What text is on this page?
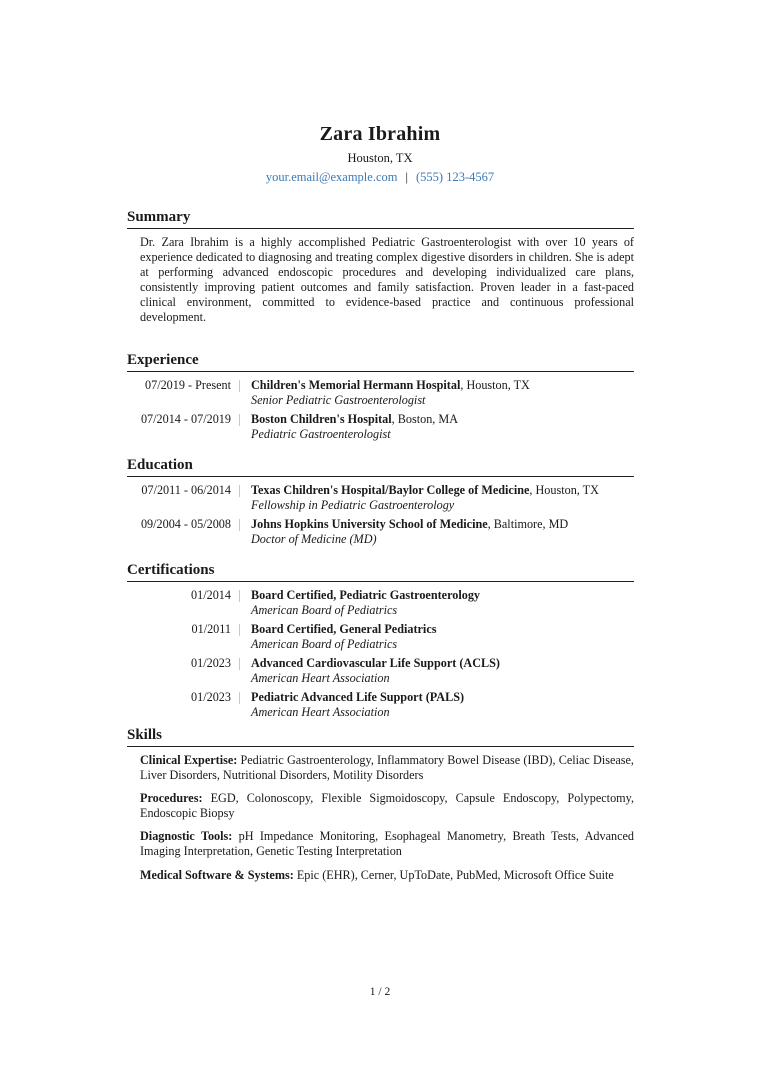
Zara Ibrahim
Houston, TX
your.email@example.com | (555) 123-4567
Summary
Dr. Zara Ibrahim is a highly accomplished Pediatric Gastroenterologist with over 10 years of experience dedicated to diagnosing and treating complex digestive disorders in children. She is adept at performing advanced endoscopic procedures and developing individualized care plans, consistently improving patient outcomes and family satisfaction. Proven leader in a fast-paced clinical environment, committed to evidence-based practice and continuous professional development.
Experience
07/2019 - Present	Children's Memorial Hermann Hospital, Houston, TX
Senior Pediatric Gastroenterologist
07/2014 - 07/2019	Boston Children's Hospital, Boston, MA
Pediatric Gastroenterologist
Education
07/2011 - 06/2014	Texas Children's Hospital/Baylor College of Medicine, Houston, TX
Fellowship in Pediatric Gastroenterology
09/2004 - 05/2008	Johns Hopkins University School of Medicine, Baltimore, MD
Doctor of Medicine (MD)
Certifications
01/2014	Board Certified, Pediatric Gastroenterology
American Board of Pediatrics
01/2011	Board Certified, General Pediatrics
American Board of Pediatrics
01/2023	Advanced Cardiovascular Life Support (ACLS)
American Heart Association
01/2023	Pediatric Advanced Life Support (PALS)
American Heart Association
Skills
Clinical Expertise: Pediatric Gastroenterology, Inflammatory Bowel Disease (IBD), Celiac Disease, Liver Disorders, Nutritional Disorders, Motility Disorders
Procedures: EGD, Colonoscopy, Flexible Sigmoidoscopy, Capsule Endoscopy, Polypectomy, Endoscopic Biopsy
Diagnostic Tools: pH Impedance Monitoring, Esophageal Manometry, Breath Tests, Advanced Imaging Interpretation, Genetic Testing Interpretation
Medical Software & Systems: Epic (EHR), Cerner, UpToDate, PubMed, Microsoft Office Suite
1 / 2
